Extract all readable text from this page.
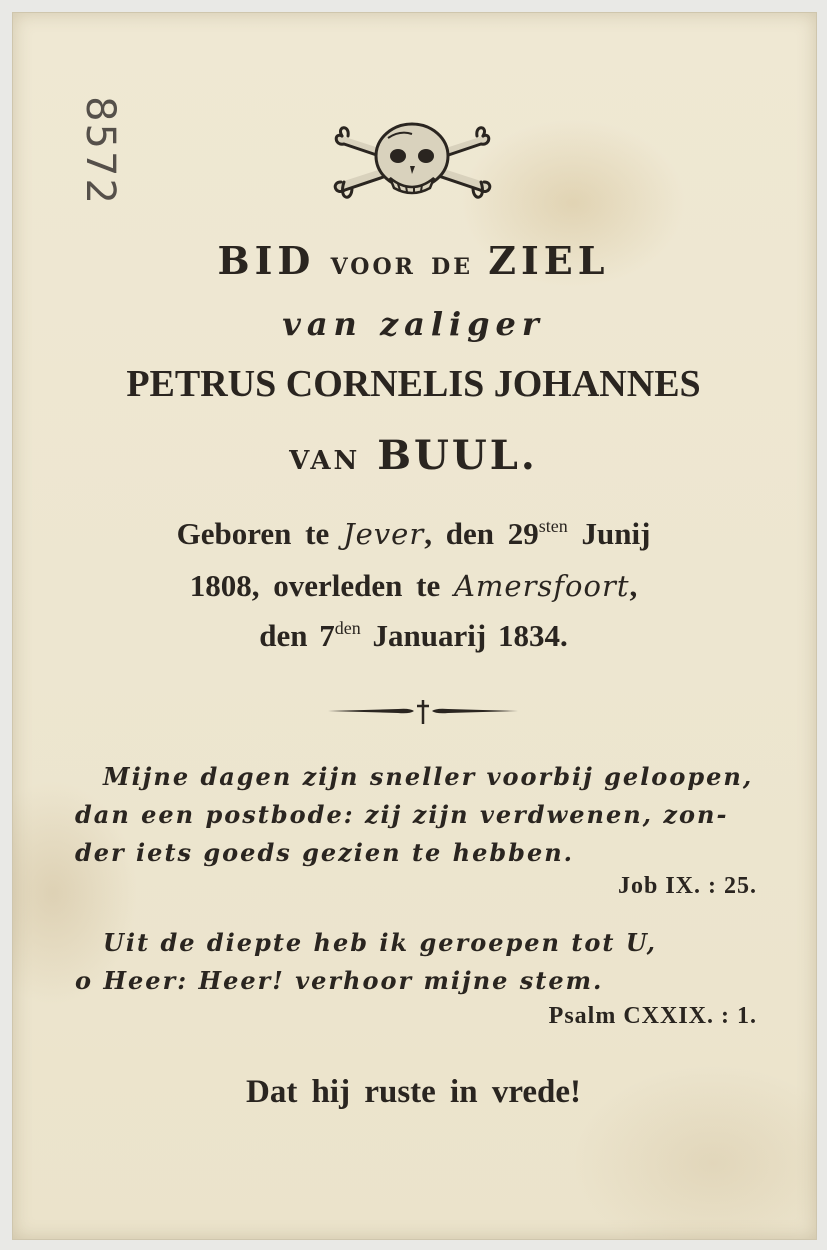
8572
BID VOOR DE ZIEL
van zaliger
PETRUS CORNELIS JOHANNES
VAN BUUL.
Geboren te Jever, den $29^{sten}$ Junij
1808, overleden te Amersfoort,
den $7^{den}$ Januarij 1834.
Mijne dagen zijn sneller voorbij geloopen,
dan een postbode: zij zijn verdwenen, zon-
der iets goeds gezien te hebben.
Job IX. : 25.
Uit de diepte heb ik geroepen tot U,
o Heer: Heer! verhoor mijne stem.
Psalm CXXIX. : 1.
Dat hij ruste in vrede!
